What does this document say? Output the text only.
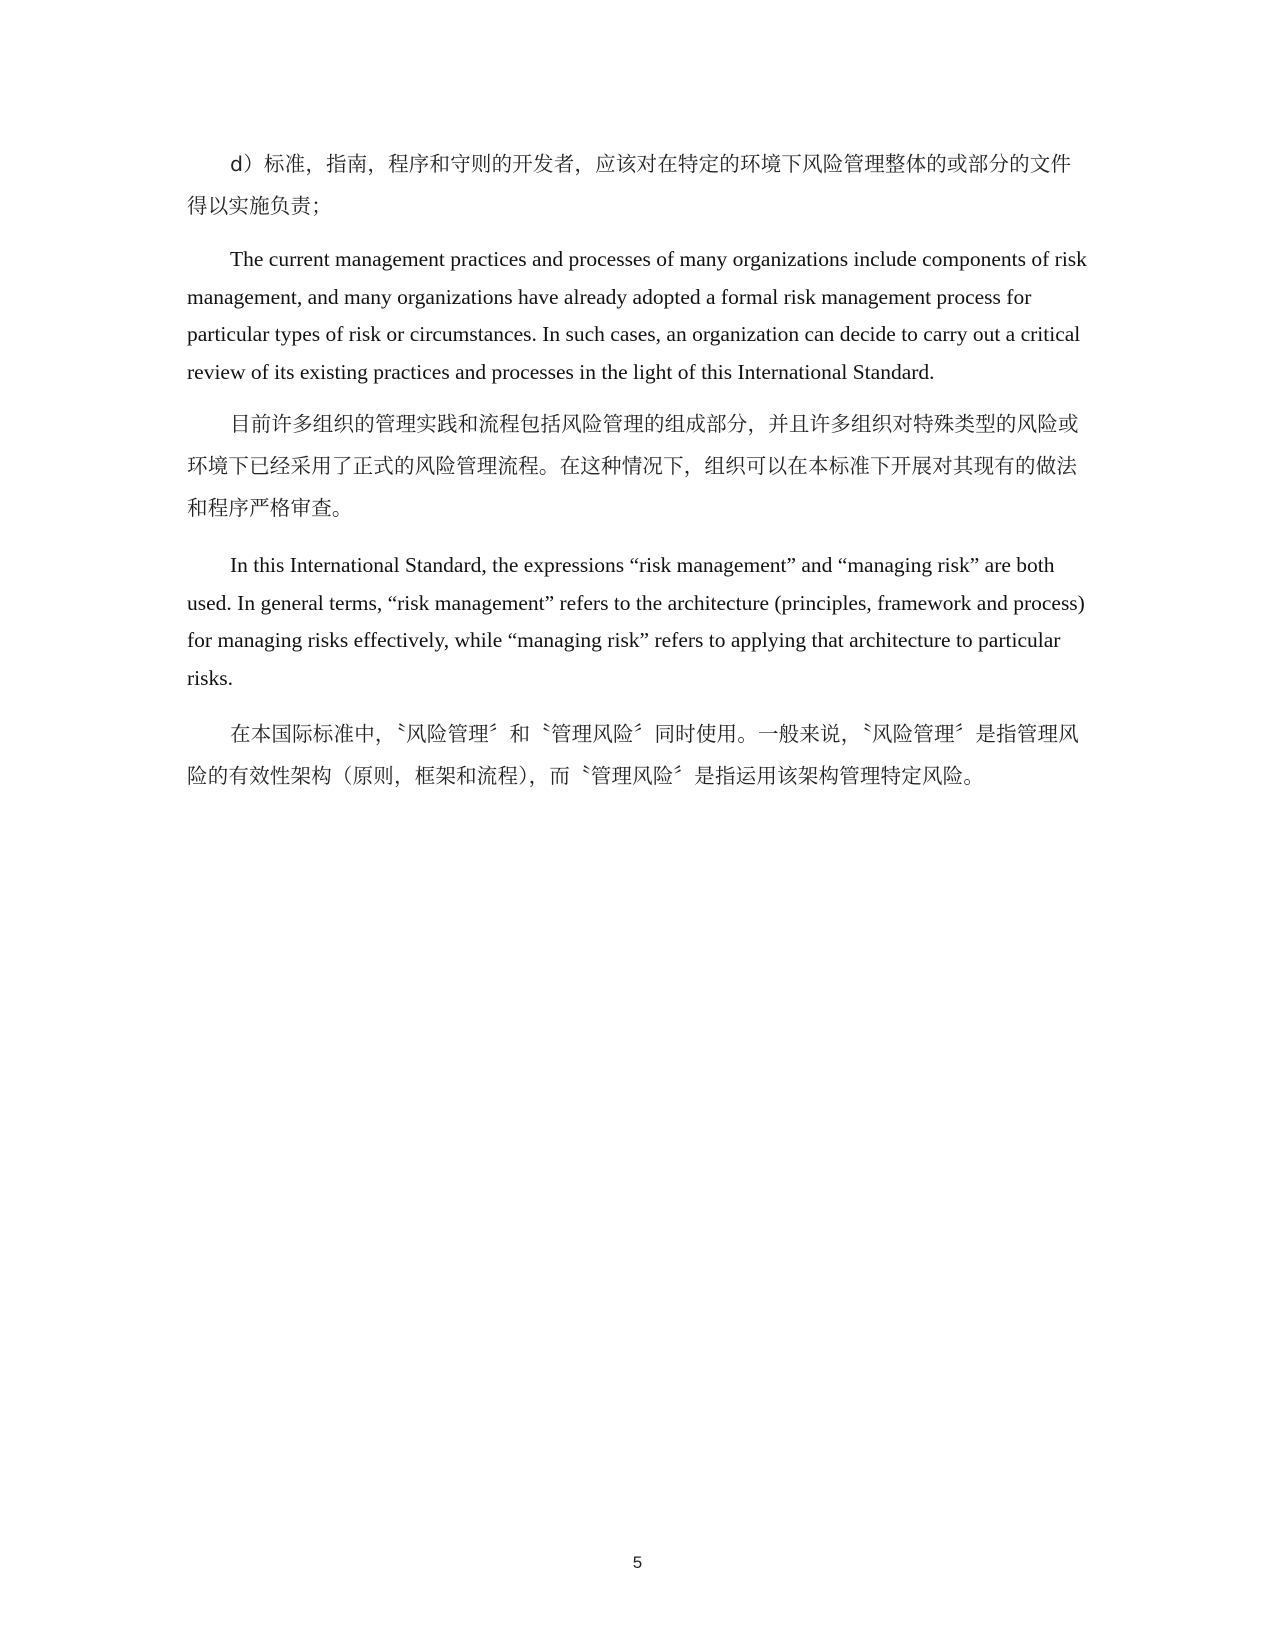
d）标准，指南，程序和守则的开发者，应该对在特定的环境下风险管理整体的或部分的文件得以实施负责；

The current management practices and processes of many organizations include components of risk management, and many organizations have already adopted a formal risk management process for particular types of risk or circumstances. In such cases, an organization can decide to carry out a critical review of its existing practices and processes in the light of this International Standard.

目前许多组织的管理实践和流程包括风险管理的组成部分，并且许多组织对特殊类型的风险或环境下已经采用了正式的风险管理流程。在这种情况下，组织可以在本标准下开展对其现有的做法和程序严格审查。

In this International Standard, the expressions “risk management” and “managing risk” are both used. In general terms, “risk management” refers to the architecture (principles, framework and process) for managing risks effectively, while “managing risk” refers to applying that architecture to particular risks.

在本国际标准中，〝风险管理〞和〝管理风险〞同时使用。一般来说，〝风险管理〞是指管理风险的有效性架构（原则，框架和流程），而〝管理风险〞是指运用该架构管理特定风险。

5
